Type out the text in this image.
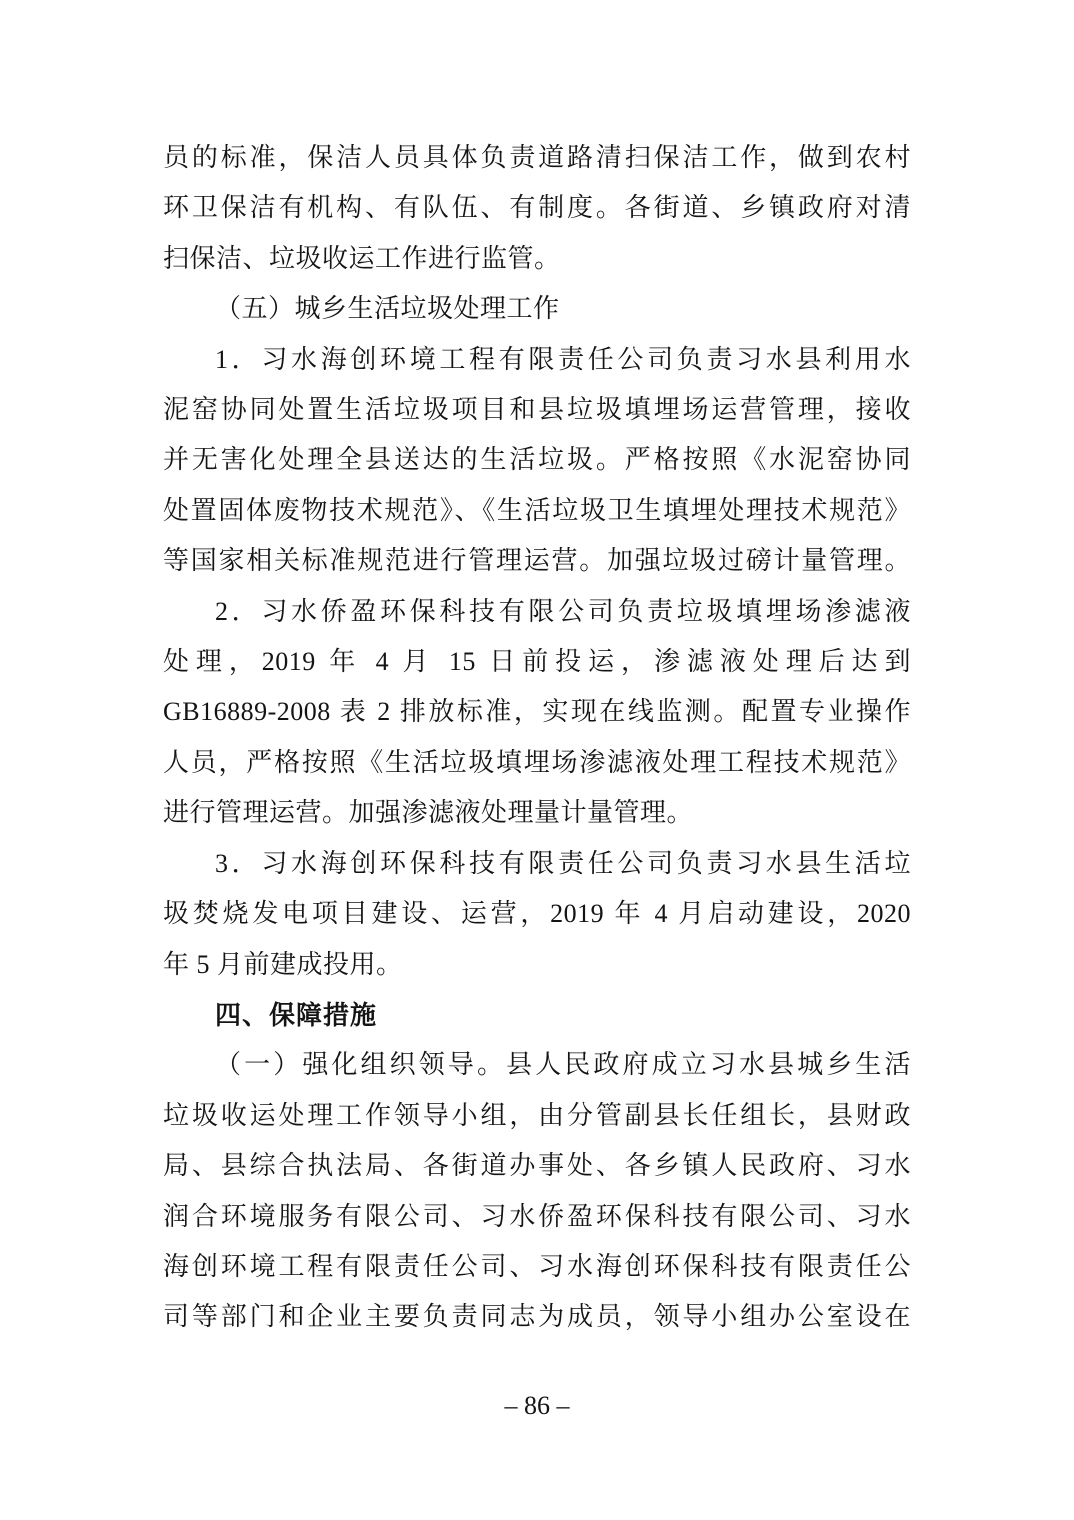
员的标准，保洁人员具体负责道路清扫保洁工作，做到农村
环卫保洁有机构、有队伍、有制度。各街道、乡镇政府对清
扫保洁、垃圾收运工作进行监管。
（五）城乡生活垃圾处理工作
1．习水海创环境工程有限责任公司负责习水县利用水
泥窑协同处置生活垃圾项目和县垃圾填埋场运营管理，接收
并无害化处理全县送达的生活垃圾。严格按照《水泥窑协同
处置固体废物技术规范》、《生活垃圾卫生填埋处理技术规范》
等国家相关标准规范进行管理运营。加强垃圾过磅计量管理。
2．习水侨盈环保科技有限公司负责垃圾填埋场渗滤液
处理，2019 年 4 月 15 日前投运，渗滤液处理后达到
GB16889-2008 表 2 排放标准，实现在线监测。配置专业操作
人员，严格按照《生活垃圾填埋场渗滤液处理工程技术规范》
进行管理运营。加强渗滤液处理量计量管理。
3．习水海创环保科技有限责任公司负责习水县生活垃
圾焚烧发电项目建设、运营，2019 年 4 月启动建设，2020
年 5 月前建成投用。
四、保障措施
（一）强化组织领导。县人民政府成立习水县城乡生活
垃圾收运处理工作领导小组，由分管副县长任组长，县财政
局、县综合执法局、各街道办事处、各乡镇人民政府、习水
润合环境服务有限公司、习水侨盈环保科技有限公司、习水
海创环境工程有限责任公司、习水海创环保科技有限责任公
司等部门和企业主要负责同志为成员，领导小组办公室设在
– 86 –
